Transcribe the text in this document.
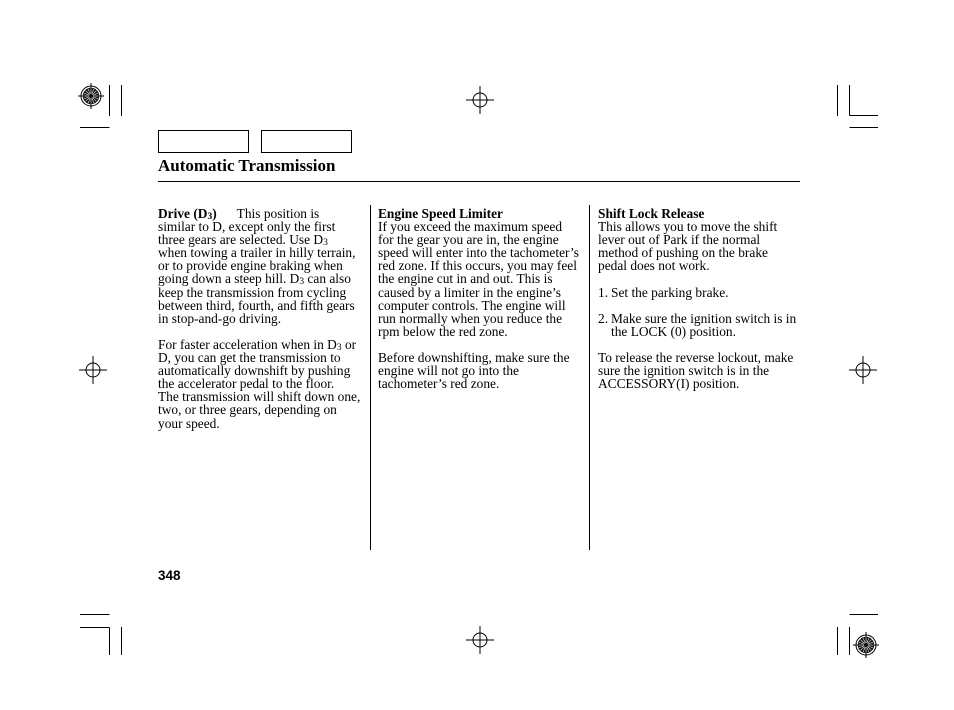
Automatic Transmission
Drive (D3) This position is
similar to D, except only the first
three gears are selected. Use D3
when towing a trailer in hilly terrain,
or to provide engine braking when
going down a steep hill. D3 can also
keep the transmission from cycling
between third, fourth, and fifth gears
in stop-and-go driving.
For faster acceleration when in D3 or
D, you can get the transmission to
automatically downshift by pushing
the accelerator pedal to the floor.
The transmission will shift down one,
two, or three gears, depending on
your speed.
Engine Speed Limiter
If you exceed the maximum speed
for the gear you are in, the engine
speed will enter into the tachometer’s
red zone. If this occurs, you may feel
the engine cut in and out. This is
caused by a limiter in the engine’s
computer controls. The engine will
run normally when you reduce the
rpm below the red zone.
Before downshifting, make sure the
engine will not go into the
tachometer’s red zone.
Shift Lock Release
This allows you to move the shift
lever out of Park if the normal
method of pushing on the brake
pedal does not work.
1. Set the parking brake.
2. Make sure the ignition switch is in
the LOCK (0) position.
To release the reverse lockout, make
sure the ignition switch is in the
ACCESSORY(I) position.
348
